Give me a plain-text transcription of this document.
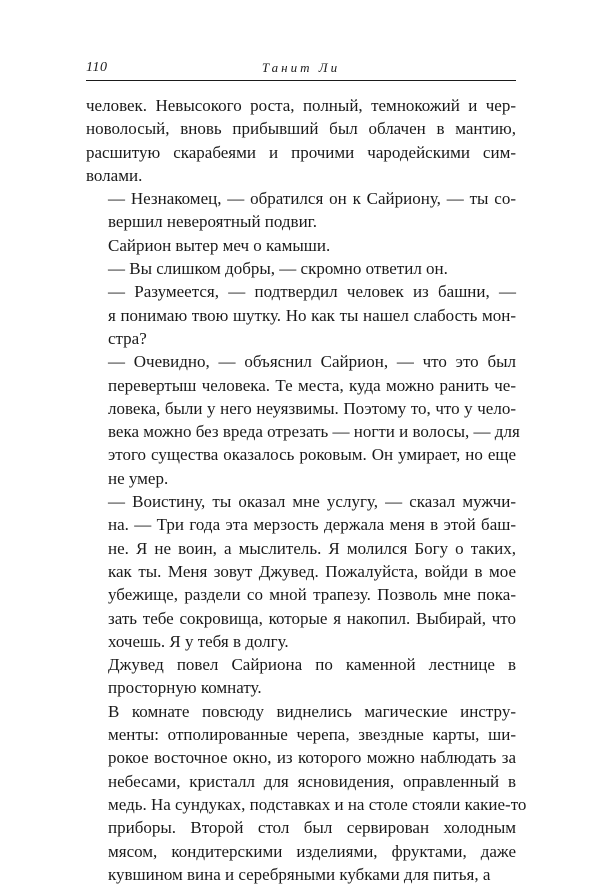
110	Танит Ли
человек. Невысокого роста, полный, темнокожий и чер-
новолосый, вновь прибывший был облачен в мантию,
расшитую скарабеями и прочими чародейскими сим-
волами.
— Незнакомец, — обратился он к Сайриону, — ты со-
вершил невероятный подвиг.
Сайрион вытер меч о камыши.
— Вы слишком добры, — скромно ответил он.
— Разумеется, — подтвердил человек из башни, —
я понимаю твою шутку. Но как ты нашел слабость мон-
стра?
— Очевидно, — объяснил Сайрион, — что это был
перевертыш человека. Те места, куда можно ранить че-
ловека, были у него неуязвимы. Поэтому то, что у чело-
века можно без вреда отрезать — ногти и волосы, — для
этого существа оказалось роковым. Он умирает, но еще
не умер.
— Воистину, ты оказал мне услугу, — сказал мужчи-
на. — Три года эта мерзость держала меня в этой баш-
не. Я не воин, а мыслитель. Я молился Богу о таких,
как ты. Меня зовут Джувед. Пожалуйста, войди в мое
убежище, раздели со мной трапезу. Позволь мне пока-
зать тебе сокровища, которые я накопил. Выбирай, что
хочешь. Я у тебя в долгу.
Джувед повел Сайриона по каменной лестнице в
просторную комнату.
В комнате повсюду виднелись магические инстру-
менты: отполированные черепа, звездные карты, ши-
рокое восточное окно, из которого можно наблюдать за
небесами, кристалл для ясновидения, оправленный в
медь. На сундуках, подставках и на столе стояли какие-то
приборы. Второй стол был сервирован холодным
мясом, кондитерскими изделиями, фруктами, даже
кувшином вина и серебряными кубками для питья, а
